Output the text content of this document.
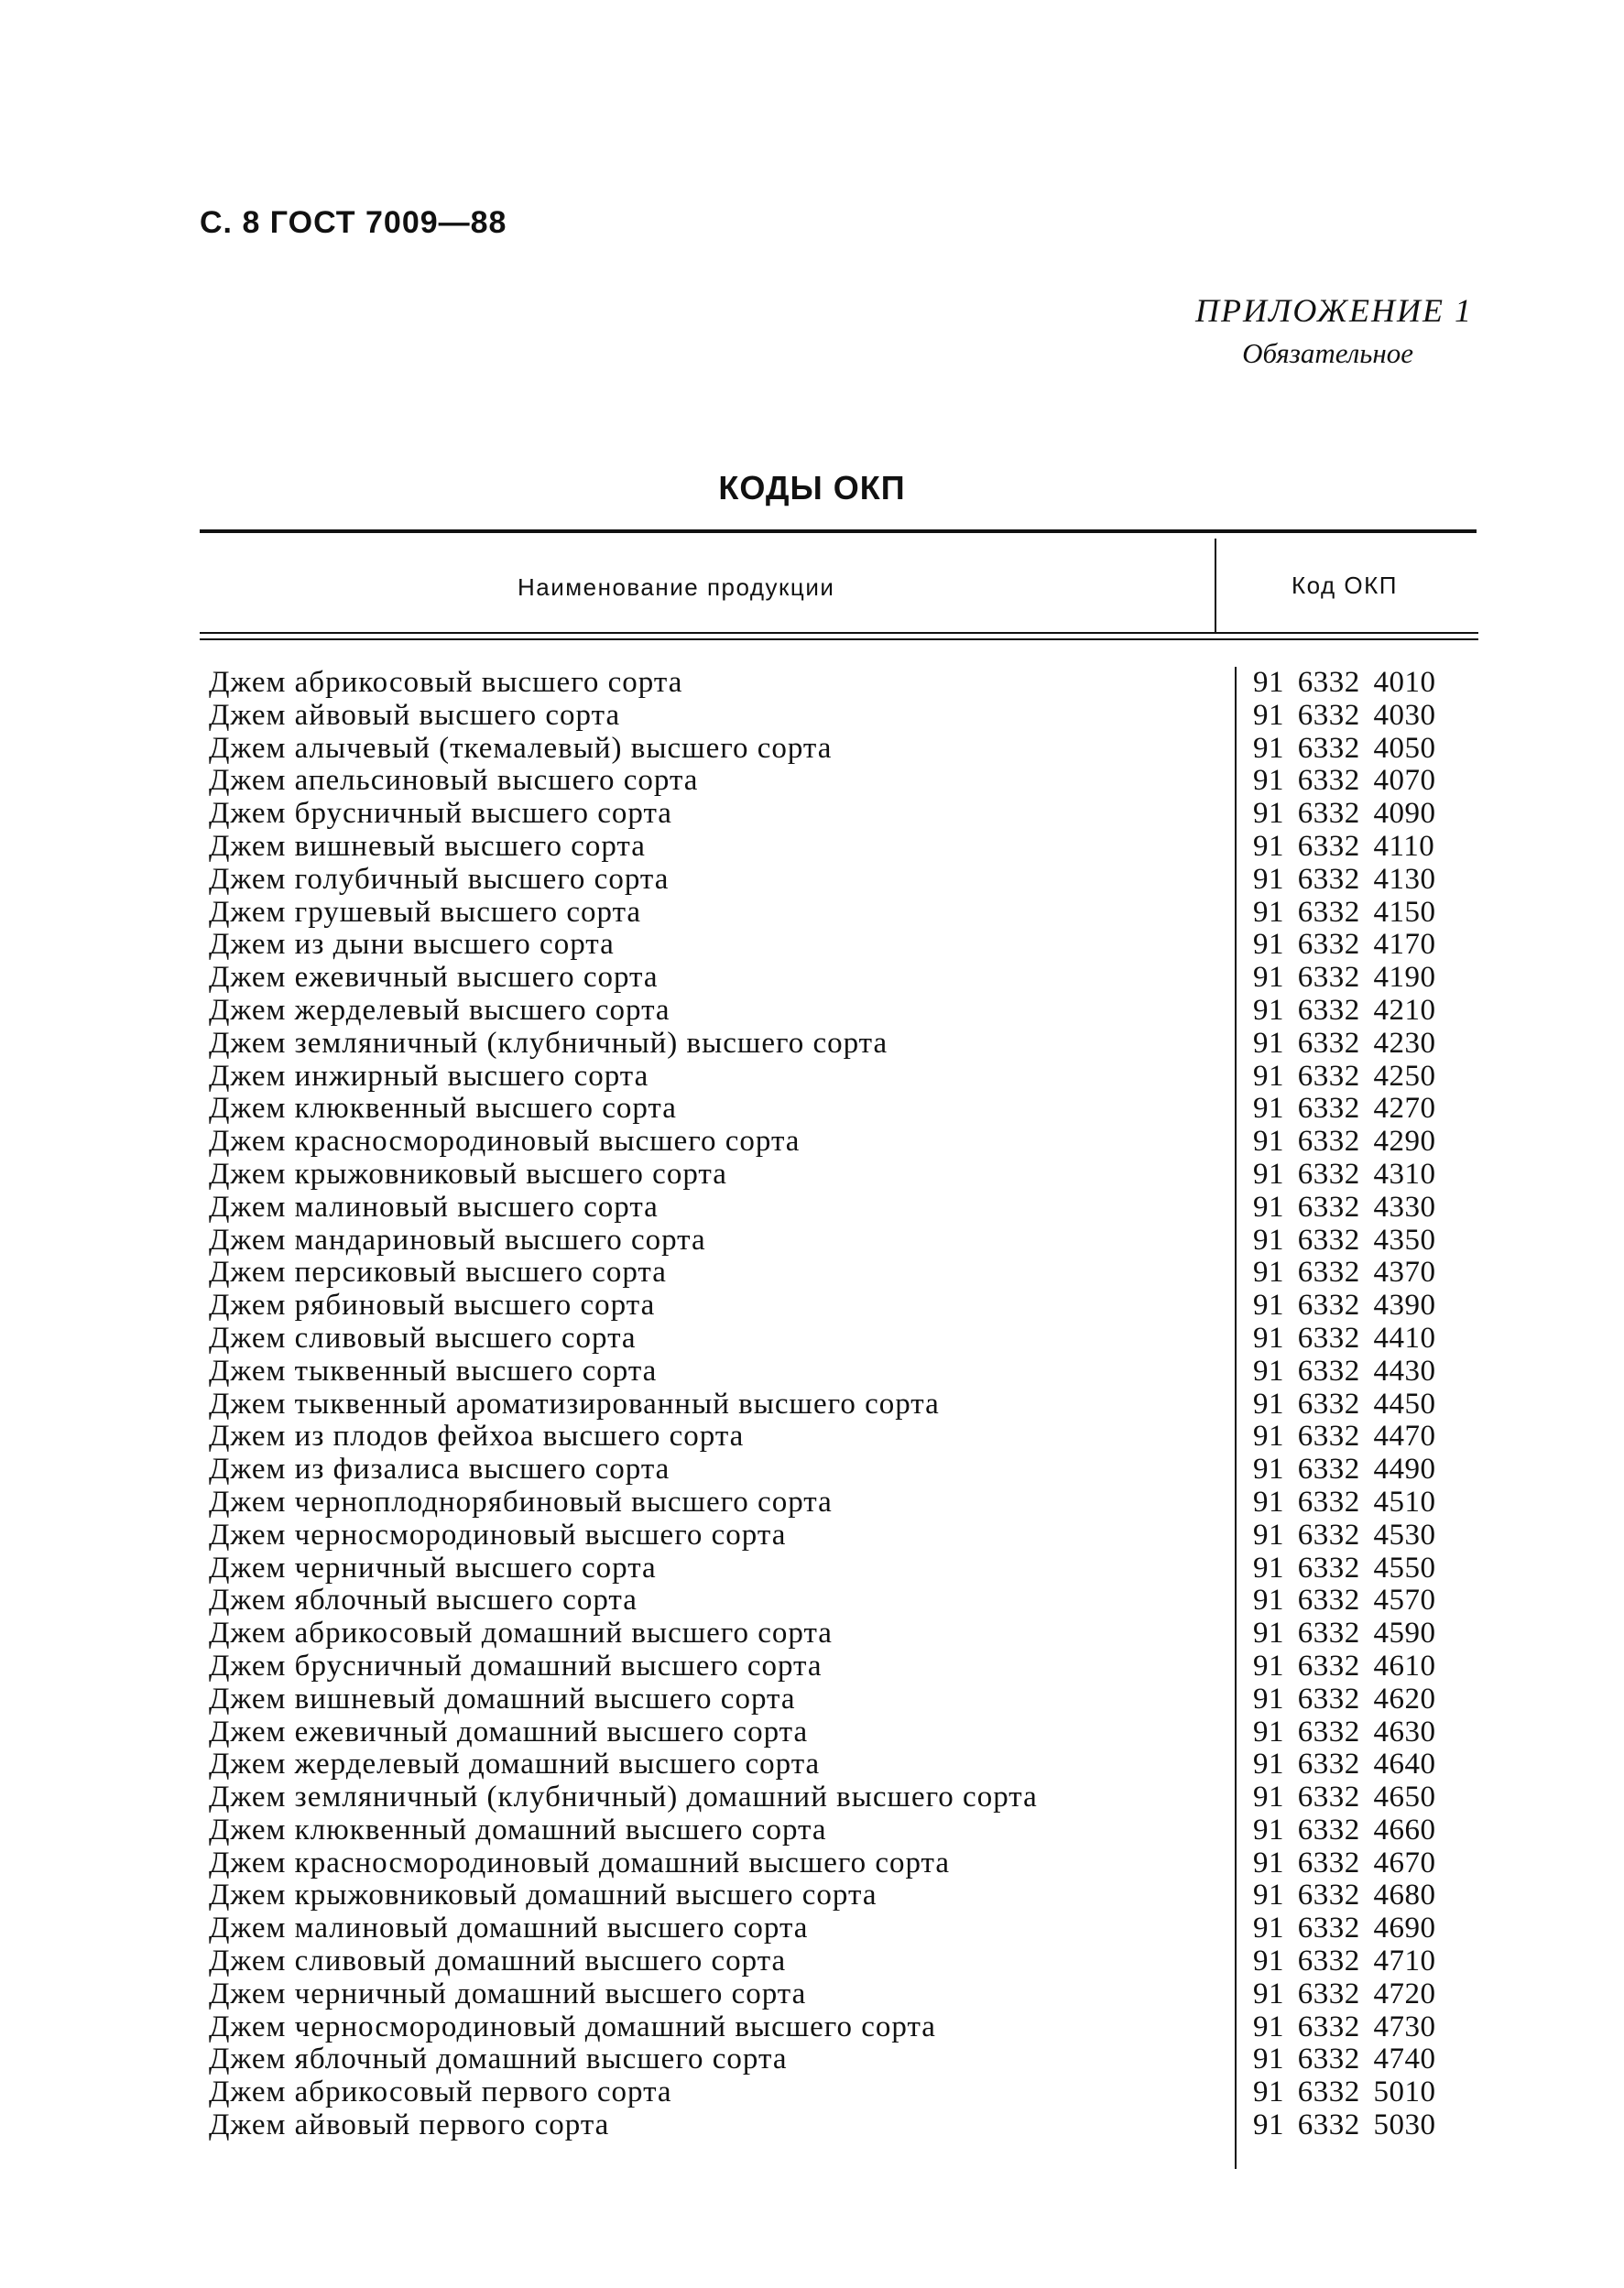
С. 8 ГОСТ 7009—88
ПРИЛОЖЕНИЕ 1
Обязательное
КОДЫ ОКП
Наименование продукции	Код ОКП
Джем абрикосовый высшего сорта	91 6332 4010
Джем айвовый высшего сорта	91 6332 4030
Джем алычевый (ткемалевый) высшего сорта	91 6332 4050
Джем апельсиновый высшего сорта	91 6332 4070
Джем брусничный высшего сорта	91 6332 4090
Джем вишневый высшего сорта	91 6332 4110
Джем голубичный высшего сорта	91 6332 4130
Джем грушевый высшего сорта	91 6332 4150
Джем из дыни высшего сорта	91 6332 4170
Джем ежевичный высшего сорта	91 6332 4190
Джем жерделевый высшего сорта	91 6332 4210
Джем земляничный (клубничный) высшего сорта	91 6332 4230
Джем инжирный высшего сорта	91 6332 4250
Джем клюквенный высшего сорта	91 6332 4270
Джем красносмородиновый высшего сорта	91 6332 4290
Джем крыжовниковый высшего сорта	91 6332 4310
Джем малиновый высшего сорта	91 6332 4330
Джем мандариновый высшего сорта	91 6332 4350
Джем персиковый высшего сорта	91 6332 4370
Джем рябиновый высшего сорта	91 6332 4390
Джем сливовый высшего сорта	91 6332 4410
Джем тыквенный высшего сорта	91 6332 4430
Джем тыквенный ароматизированный высшего сорта	91 6332 4450
Джем из плодов фейхоа высшего сорта	91 6332 4470
Джем из физалиса высшего сорта	91 6332 4490
Джем черноплоднорябиновый высшего сорта	91 6332 4510
Джем черносмородиновый высшего сорта	91 6332 4530
Джем черничный высшего сорта	91 6332 4550
Джем яблочный высшего сорта	91 6332 4570
Джем абрикосовый домашний высшего сорта	91 6332 4590
Джем брусничный домашний высшего сорта	91 6332 4610
Джем вишневый домашний высшего сорта	91 6332 4620
Джем ежевичный домашний высшего сорта	91 6332 4630
Джем жерделевый домашний высшего сорта	91 6332 4640
Джем земляничный (клубничный) домашний высшего сорта	91 6332 4650
Джем клюквенный домашний высшего сорта	91 6332 4660
Джем красносмородиновый домашний высшего сорта	91 6332 4670
Джем крыжовниковый домашний высшего сорта	91 6332 4680
Джем малиновый домашний высшего сорта	91 6332 4690
Джем сливовый домашний высшего сорта	91 6332 4710
Джем черничный домашний высшего сорта	91 6332 4720
Джем черносмородиновый домашний высшего сорта	91 6332 4730
Джем яблочный домашний высшего сорта	91 6332 4740
Джем абрикосовый первого сорта	91 6332 5010
Джем айвовый первого сорта	91 6332 5030
